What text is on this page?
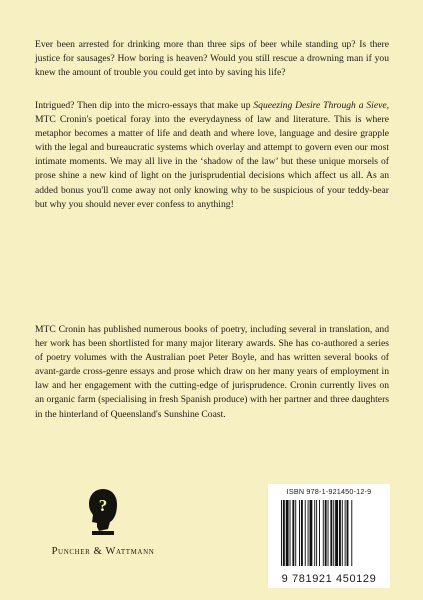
Ever been arrested for drinking more than three sips of beer while standing up? Is there justice for sausages? How boring is heaven? Would you still rescue a drowning man if you knew the amount of trouble you could get into by saving his life?

Intrigued? Then dip into the micro-essays that make up Squeezing Desire Through a Sieve, MTC Cronin's poetical foray into the everydayness of law and literature. This is where metaphor becomes a matter of life and death and where love, language and desire grapple with the legal and bureaucratic systems which overlay and attempt to govern even our most intimate moments. We may all live in the ‘shadow of the law’ but these unique morsels of prose shine a new kind of light on the jurisprudential decisions which affect us all. As an added bonus you'll come away not only knowing why to be suspicious of your teddy-bear but why you should never ever confess to anything!

MTC Cronin has published numerous books of poetry, including several in translation, and her work has been shortlisted for many major literary awards. She has co-authored a series of poetry volumes with the Australian poet Peter Boyle, and has written several books of avant-garde cross-genre essays and prose which draw on her many years of employment in law and her engagement with the cutting-edge of jurisprudence. Cronin currently lives on an organic farm (specialising in fresh Spanish produce) with her partner and three daughters in the hinterland of Queensland's Sunshine Coast.

?
Puncher & Wattmann
ISBN 978-1-921450-12-9
9 781921 450129
